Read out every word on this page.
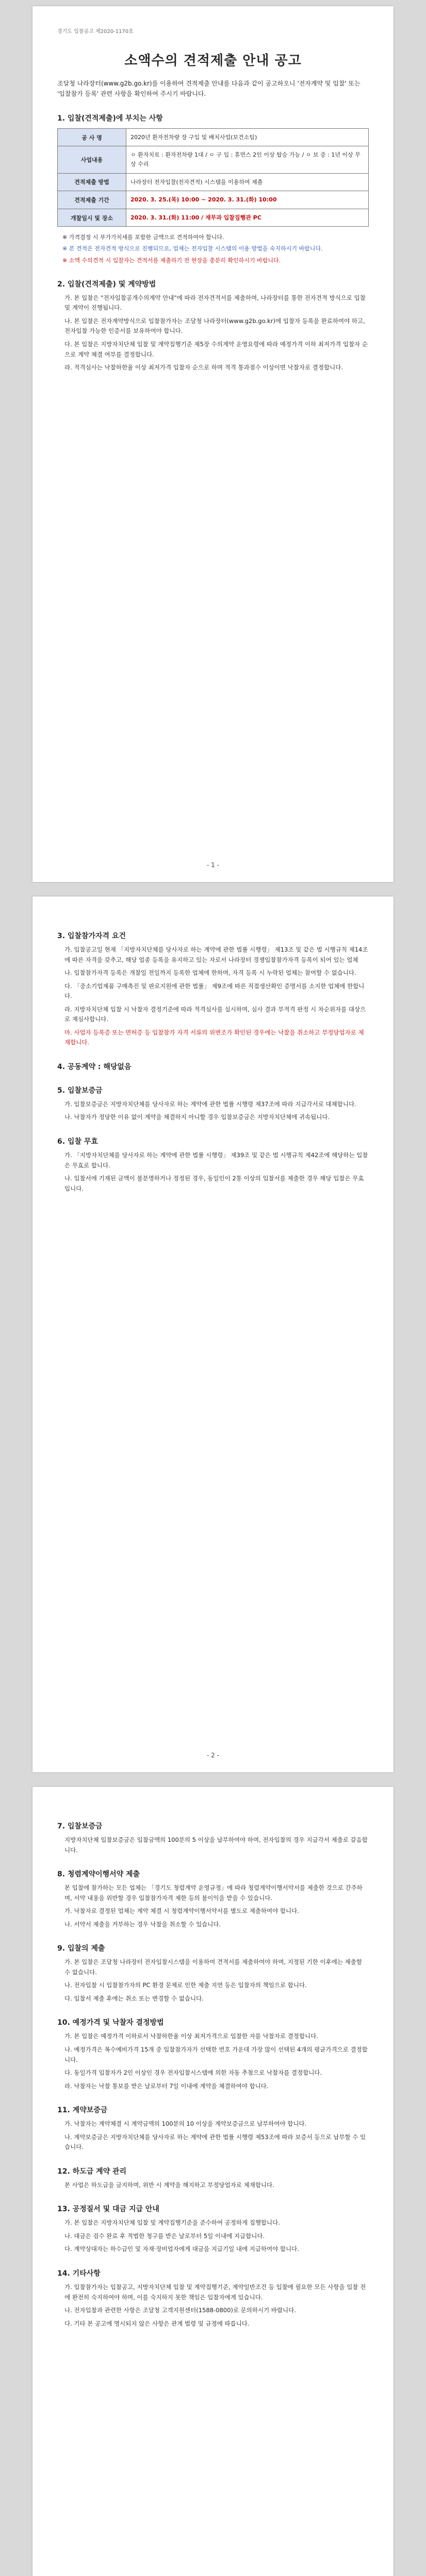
경기도 입찰공고 제2020-1170호
소액수의 견적제출 안내 공고
조달청 나라장터(www.g2b.go.kr)를 이용하여 견적제출 안내를 다음과 같이 공고하오니 '전자계약 및 입찰' 또는 '입찰참가 등록' 관련 사항을 확인하여 주시기 바랍니다.
1. 입찰(견적제출)에 부치는 사항
공 사 명	2020년 환자전차량 장 구입 및 배치사업(보건소팀)
사업내용	ㅇ 환자치료 : 환자전차량 1대 / ㅇ 구 입 : 휴먼스 2인 이상 탑승 가능 / ㅇ 보 증 : 1년 이상 무상 수리
견적제출 방법	나라장터 전자입찰(전자견적) 시스템을 이용하여 제출
견적제출 기간	2020. 3. 25.(목) 10:00 ~ 2020. 3. 31.(화) 10:00
개찰일시 및 장소	2020. 3. 31.(화) 11:00 / 재무과 입찰집행관 PC
※ 가격결정 시 부가가치세를 포함한 금액으로 견적하여야 합니다.
※ 본 견적은 전자견적 방식으로 진행되므로, 업체는 전자입찰 시스템의 이용 방법을 숙지하시기 바랍니다.
※ 소액 수의견적 시 입찰자는 견적서를 제출하기 전 현장을 충분히 확인하시기 바랍니다.
2. 입찰(견적제출) 및 계약방법
가. 본 입찰은 "전자입찰공개수의계약 안내"에 따라 전자견적서를 제출하며, 나라장터를 통한 전자견적 방식으로 입찰 및 계약이 진행됩니다.
나. 본 입찰은 전자계약방식으로 입찰참가자는 조달청 나라장터(www.g2b.go.kr)에 입찰자 등록을 완료하여야 하고, 전자입찰 가능한 인증서를 보유하여야 합니다.
다. 본 입찰은 지방자치단체 입찰 및 계약집행기준 제5장 수의계약 운영요령에 따라 예정가격 이하 최저가격 입찰자 순으로 계약 체결 여부를 결정합니다.
라. 적격심사는 낙찰하한율 이상 최저가격 입찰자 순으로 하며 적격 통과점수 이상이면 낙찰자로 결정합니다.
- 1 -
3. 입찰참가자격 요건
가. 입찰공고일 현재 「지방자치단체를 당사자로 하는 계약에 관한 법률 시행령」 제13조 및 같은 법 시행규칙 제14조에 따른 자격을 갖추고, 해당 업종 등록을 유지하고 있는 자로서 나라장터 경쟁입찰참가자격 등록이 되어 있는 업체
나. 입찰참가자격 등록은 개찰일 전일까지 등록한 업체에 한하며, 자격 등록 시 누락된 업체는 참여할 수 없습니다.
다. 「중소기업제품 구매촉진 및 판로지원에 관한 법률」 제9조에 따른 직접생산확인 증명서를 소지한 업체에 한합니다.
라. 지방자치단체 입찰 시 낙찰자 결정기준에 따라 적격심사를 실시하며, 심사 결과 부적격 판정 시 차순위자를 대상으로 재심사합니다.
마. 사업자 등록증 또는 면허증 등 입찰참가 자격 서류의 위변조가 확인된 경우에는 낙찰을 취소하고 부정당업자로 제재합니다.
4. 공동계약 : 해당없음
5. 입찰보증금
가. 입찰보증금은 지방자치단체를 당사자로 하는 계약에 관한 법률 시행령 제37조에 따라 지급각서로 대체합니다.
나. 낙찰자가 정당한 이유 없이 계약을 체결하지 아니할 경우 입찰보증금은 지방자치단체에 귀속됩니다.
6. 입찰 무효
가. 「지방자치단체를 당사자로 하는 계약에 관한 법률 시행령」 제39조 및 같은 법 시행규칙 제42조에 해당하는 입찰은 무효로 합니다.
나. 입찰서에 기재된 금액이 불분명하거나 정정된 경우, 동일인이 2통 이상의 입찰서를 제출한 경우 해당 입찰은 무효입니다.
- 2 -
7. 입찰보증금
지방자치단체 입찰보증금은 입찰금액의 100분의 5 이상을 납부하여야 하며, 전자입찰의 경우 지급각서 제출로 갈음합니다.
8. 청렴계약이행서약 제출
본 입찰에 참가하는 모든 업체는 「경기도 청렴계약 운영규정」에 따라 청렴계약이행서약서를 제출한 것으로 간주하며, 서약 내용을 위반할 경우 입찰참가자격 제한 등의 불이익을 받을 수 있습니다.
가. 낙찰자로 결정된 업체는 계약 체결 시 청렴계약이행서약서를 별도로 제출하여야 합니다.
나. 서약서 제출을 거부하는 경우 낙찰을 취소할 수 있습니다.
9. 입찰의 제출
가. 본 입찰은 조달청 나라장터 전자입찰시스템을 이용하여 견적서를 제출하여야 하며, 지정된 기한 이후에는 제출할 수 없습니다.
나. 전자입찰 시 입찰참가자의 PC 환경 문제로 인한 제출 지연 등은 입찰자의 책임으로 합니다.
다. 입찰서 제출 후에는 취소 또는 변경할 수 없습니다.
10. 예정가격 및 낙찰자 결정방법
가. 본 입찰은 예정가격 이하로서 낙찰하한율 이상 최저가격으로 입찰한 자를 낙찰자로 결정합니다.
나. 예정가격은 복수예비가격 15개 중 입찰참가자가 선택한 번호 가운데 가장 많이 선택된 4개의 평균가격으로 결정합니다.
다. 동일가격 입찰자가 2인 이상인 경우 전자입찰시스템에 의한 자동 추첨으로 낙찰자를 결정합니다.
라. 낙찰자는 낙찰 통보를 받은 날로부터 7일 이내에 계약을 체결하여야 합니다.
11. 계약보증금
가. 낙찰자는 계약체결 시 계약금액의 100분의 10 이상을 계약보증금으로 납부하여야 합니다.
나. 계약보증금은 지방자치단체를 당사자로 하는 계약에 관한 법률 시행령 제53조에 따라 보증서 등으로 납부할 수 있습니다.
12. 하도급 계약 관리
본 사업은 하도급을 금지하며, 위반 시 계약을 해지하고 부정당업자로 제재합니다.
13. 공정질서 및 대금 지급 안내
가. 본 입찰은 지방자치단체 입찰 및 계약집행기준을 준수하여 공정하게 집행합니다.
나. 대금은 검수 완료 후 적법한 청구를 받은 날로부터 5일 이내에 지급합니다.
다. 계약상대자는 하수급인 및 자재·장비업자에게 대금을 지급기일 내에 지급하여야 합니다.
14. 기타사항
가. 입찰참가자는 입찰공고, 지방자치단체 입찰 및 계약집행기준, 계약일반조건 등 입찰에 필요한 모든 사항을 입찰 전에 완전히 숙지하여야 하며, 이를 숙지하지 못한 책임은 입찰자에게 있습니다.
나. 전자입찰과 관련한 사항은 조달청 고객지원센터(1588-0800)로 문의하시기 바랍니다.
다. 기타 본 공고에 명시되지 않은 사항은 관계 법령 및 규정에 따릅니다.
